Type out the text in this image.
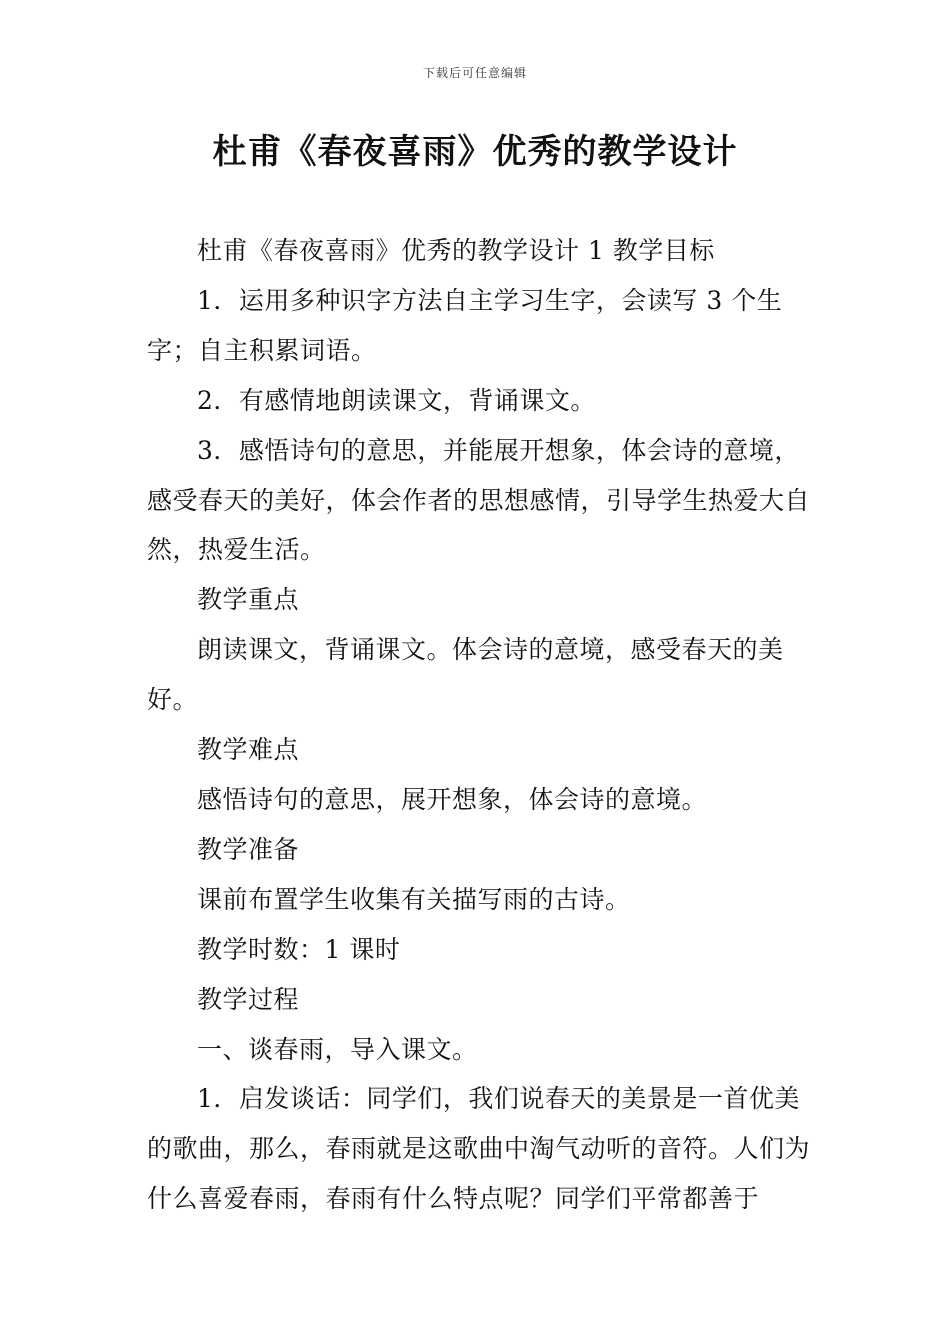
下载后可任意编辑
杜甫《春夜喜雨》优秀的教学设计

杜甫《春夜喜雨》优秀的教学设计 1 教学目标

1．运用多种识字方法自主学习生字，会读写 3 个生字；自主积累词语。

2．有感情地朗读课文，背诵课文。

3．感悟诗句的意思，并能展开想象，体会诗的意境，感受春天的美好，体会作者的思想感情，引导学生热爱大自然，热爱生活。

教学重点

朗读课文，背诵课文。体会诗的意境，感受春天的美好。

教学难点

感悟诗句的意思，展开想象，体会诗的意境。

教学准备

课前布置学生收集有关描写雨的古诗。

教学时数：1 课时

教学过程

一、谈春雨，导入课文。

1．启发谈话：同学们，我们说春天的美景是一首优美的歌曲，那么，春雨就是这歌曲中淘气动听的音符。人们为什么喜爱春雨，春雨有什么特点呢？同学们平常都善于
